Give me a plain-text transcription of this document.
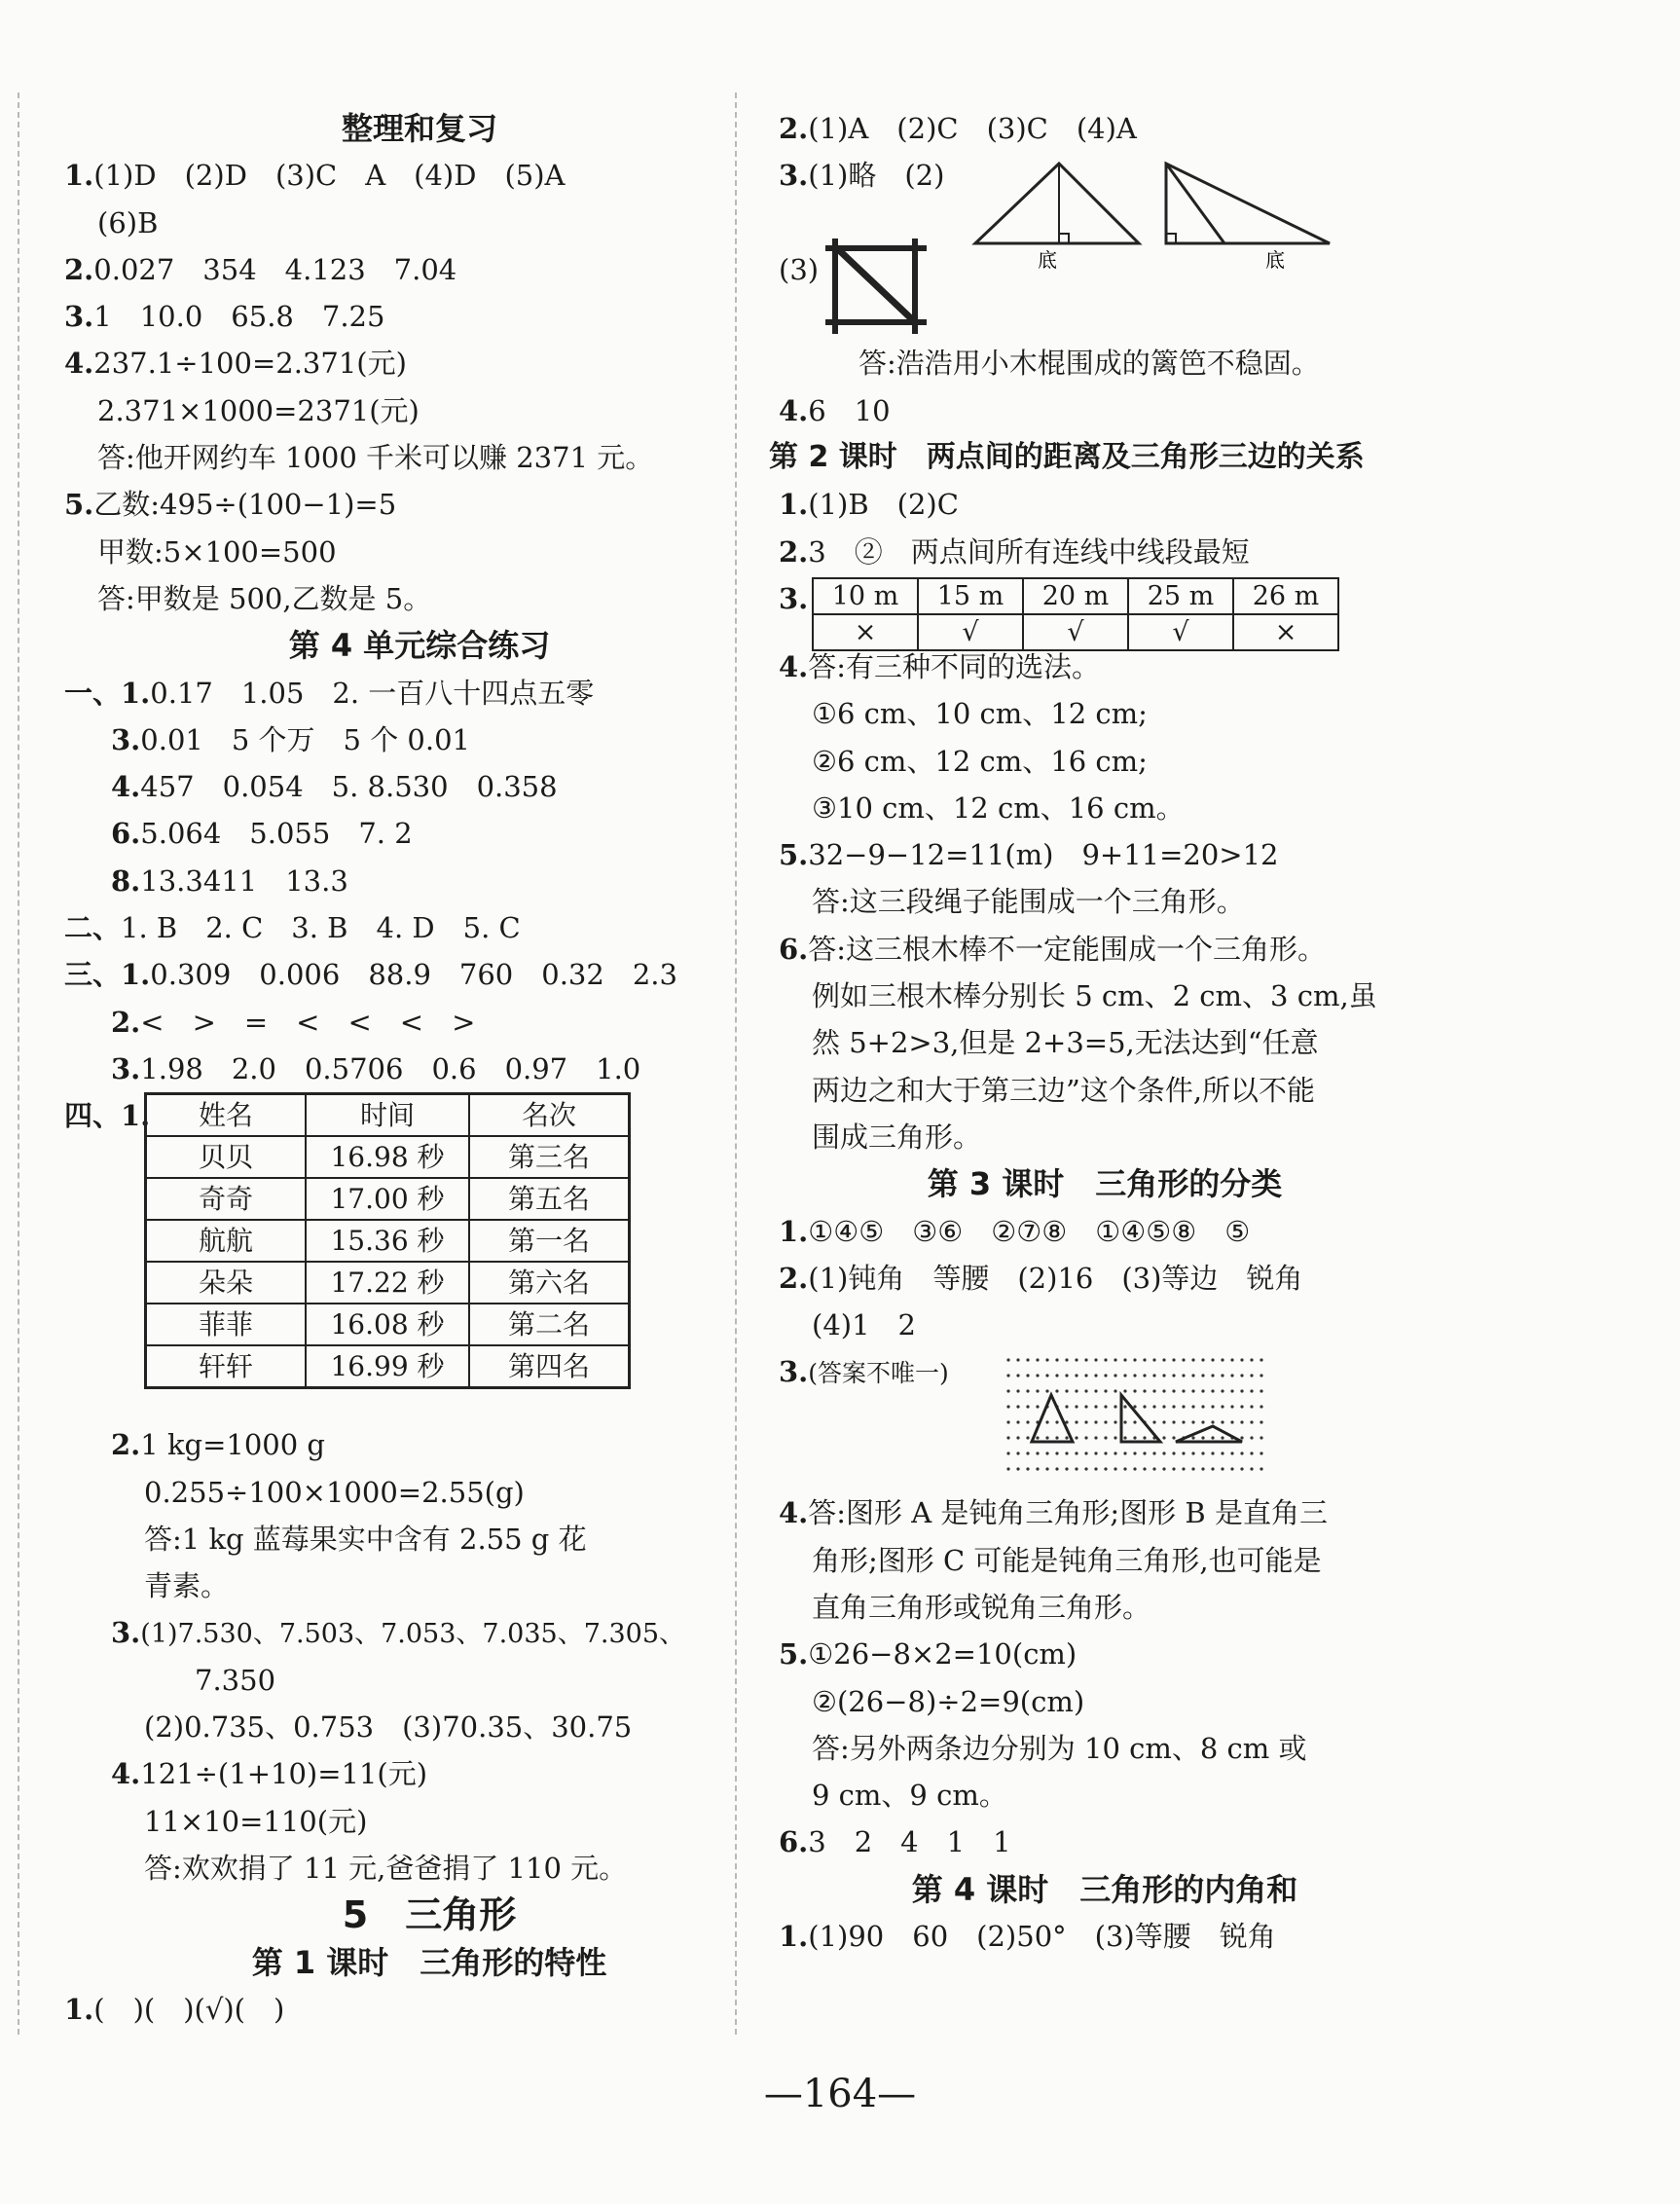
整理和复习
1.(1)D　(2)D　(3)C　A　(4)D　(5)A
(6)B
2.0.027　354　4.123　7.04
3.1　10.0　65.8　7.25
4.237.1÷100=2.371(元)
2.371×1000=2371(元)
答:他开网约车 1000 千米可以赚 2371 元。
5.乙数:495÷(100−1)=5
甲数:5×100=500
答:甲数是 500,乙数是 5。
第 4 单元综合练习
一、1.0.17　1.05　2. 一百八十四点五零
3.0.01　5 个万　5 个 0.01
4.457　0.054　5. 8.530　0.358
6.5.064　5.055　7. 2
8.13.3411　13.3
二、1. B　2. C　3. B　4. D　5. C
三、1.0.309　0.006　88.9　760　0.32　2.3
2.<　>　=　<　<　<　>
3.1.98　2.0　0.5706　0.6　0.97　1.0
四、1. 姓名	时间	名次
贝贝	16.98 秒	第三名
奇奇	17.00 秒	第五名
航航	15.36 秒	第一名
朵朵	17.22 秒	第六名
菲菲	16.08 秒	第二名
轩轩	16.99 秒	第四名
2.1 kg=1000 g
0.255÷100×1000=2.55(g)
答:1 kg 蓝莓果实中含有 2.55 g 花
青素。
3.(1)7.530、7.503、7.053、7.035、7.305、
7.350
(2)0.735、0.753　(3)70.35、30.75
4.121÷(1+10)=11(元)
11×10=110(元)
答:欢欢捐了 11 元,爸爸捐了 110 元。
5　三角形
第 1 课时　三角形的特性
1.(　)(　)(√)(　)
2.(1)A　(2)C　(3)C　(4)A
3.(1)略　(2)
底	底
(3)
答:浩浩用小木棍围成的篱笆不稳固。
4.6　10
第 2 课时　两点间的距离及三角形三边的关系
1.(1)B　(2)C
2.3　②　两点间所有连线中线段最短
3. 10 m	15 m	20 m	25 m	26 m
×	√	√	√	×
4.答:有三种不同的选法。
①6 cm、10 cm、12 cm;
②6 cm、12 cm、16 cm;
③10 cm、12 cm、16 cm。
5.32−9−12=11(m)　9+11=20>12
答:这三段绳子能围成一个三角形。
6.答:这三根木棒不一定能围成一个三角形。
例如三根木棒分别长 5 cm、2 cm、3 cm,虽
然 5+2>3,但是 2+3=5,无法达到“任意
两边之和大于第三边”这个条件,所以不能
围成三角形。
第 3 课时　三角形的分类
1.①④⑤　③⑥　②⑦⑧　①④⑤⑧　⑤
2.(1)钝角　等腰　(2)16　(3)等边　锐角
(4)1　2
3.(答案不唯一)
4.答:图形 A 是钝角三角形;图形 B 是直角三
角形;图形 C 可能是钝角三角形,也可能是
直角三角形或锐角三角形。
5.①26−8×2=10(cm)
②(26−8)÷2=9(cm)
答:另外两条边分别为 10 cm、8 cm 或
9 cm、9 cm。
6.3　2　4　1　1
第 4 课时　三角形的内角和
1.(1)90　60　(2)50°　(3)等腰　锐角
—164—
